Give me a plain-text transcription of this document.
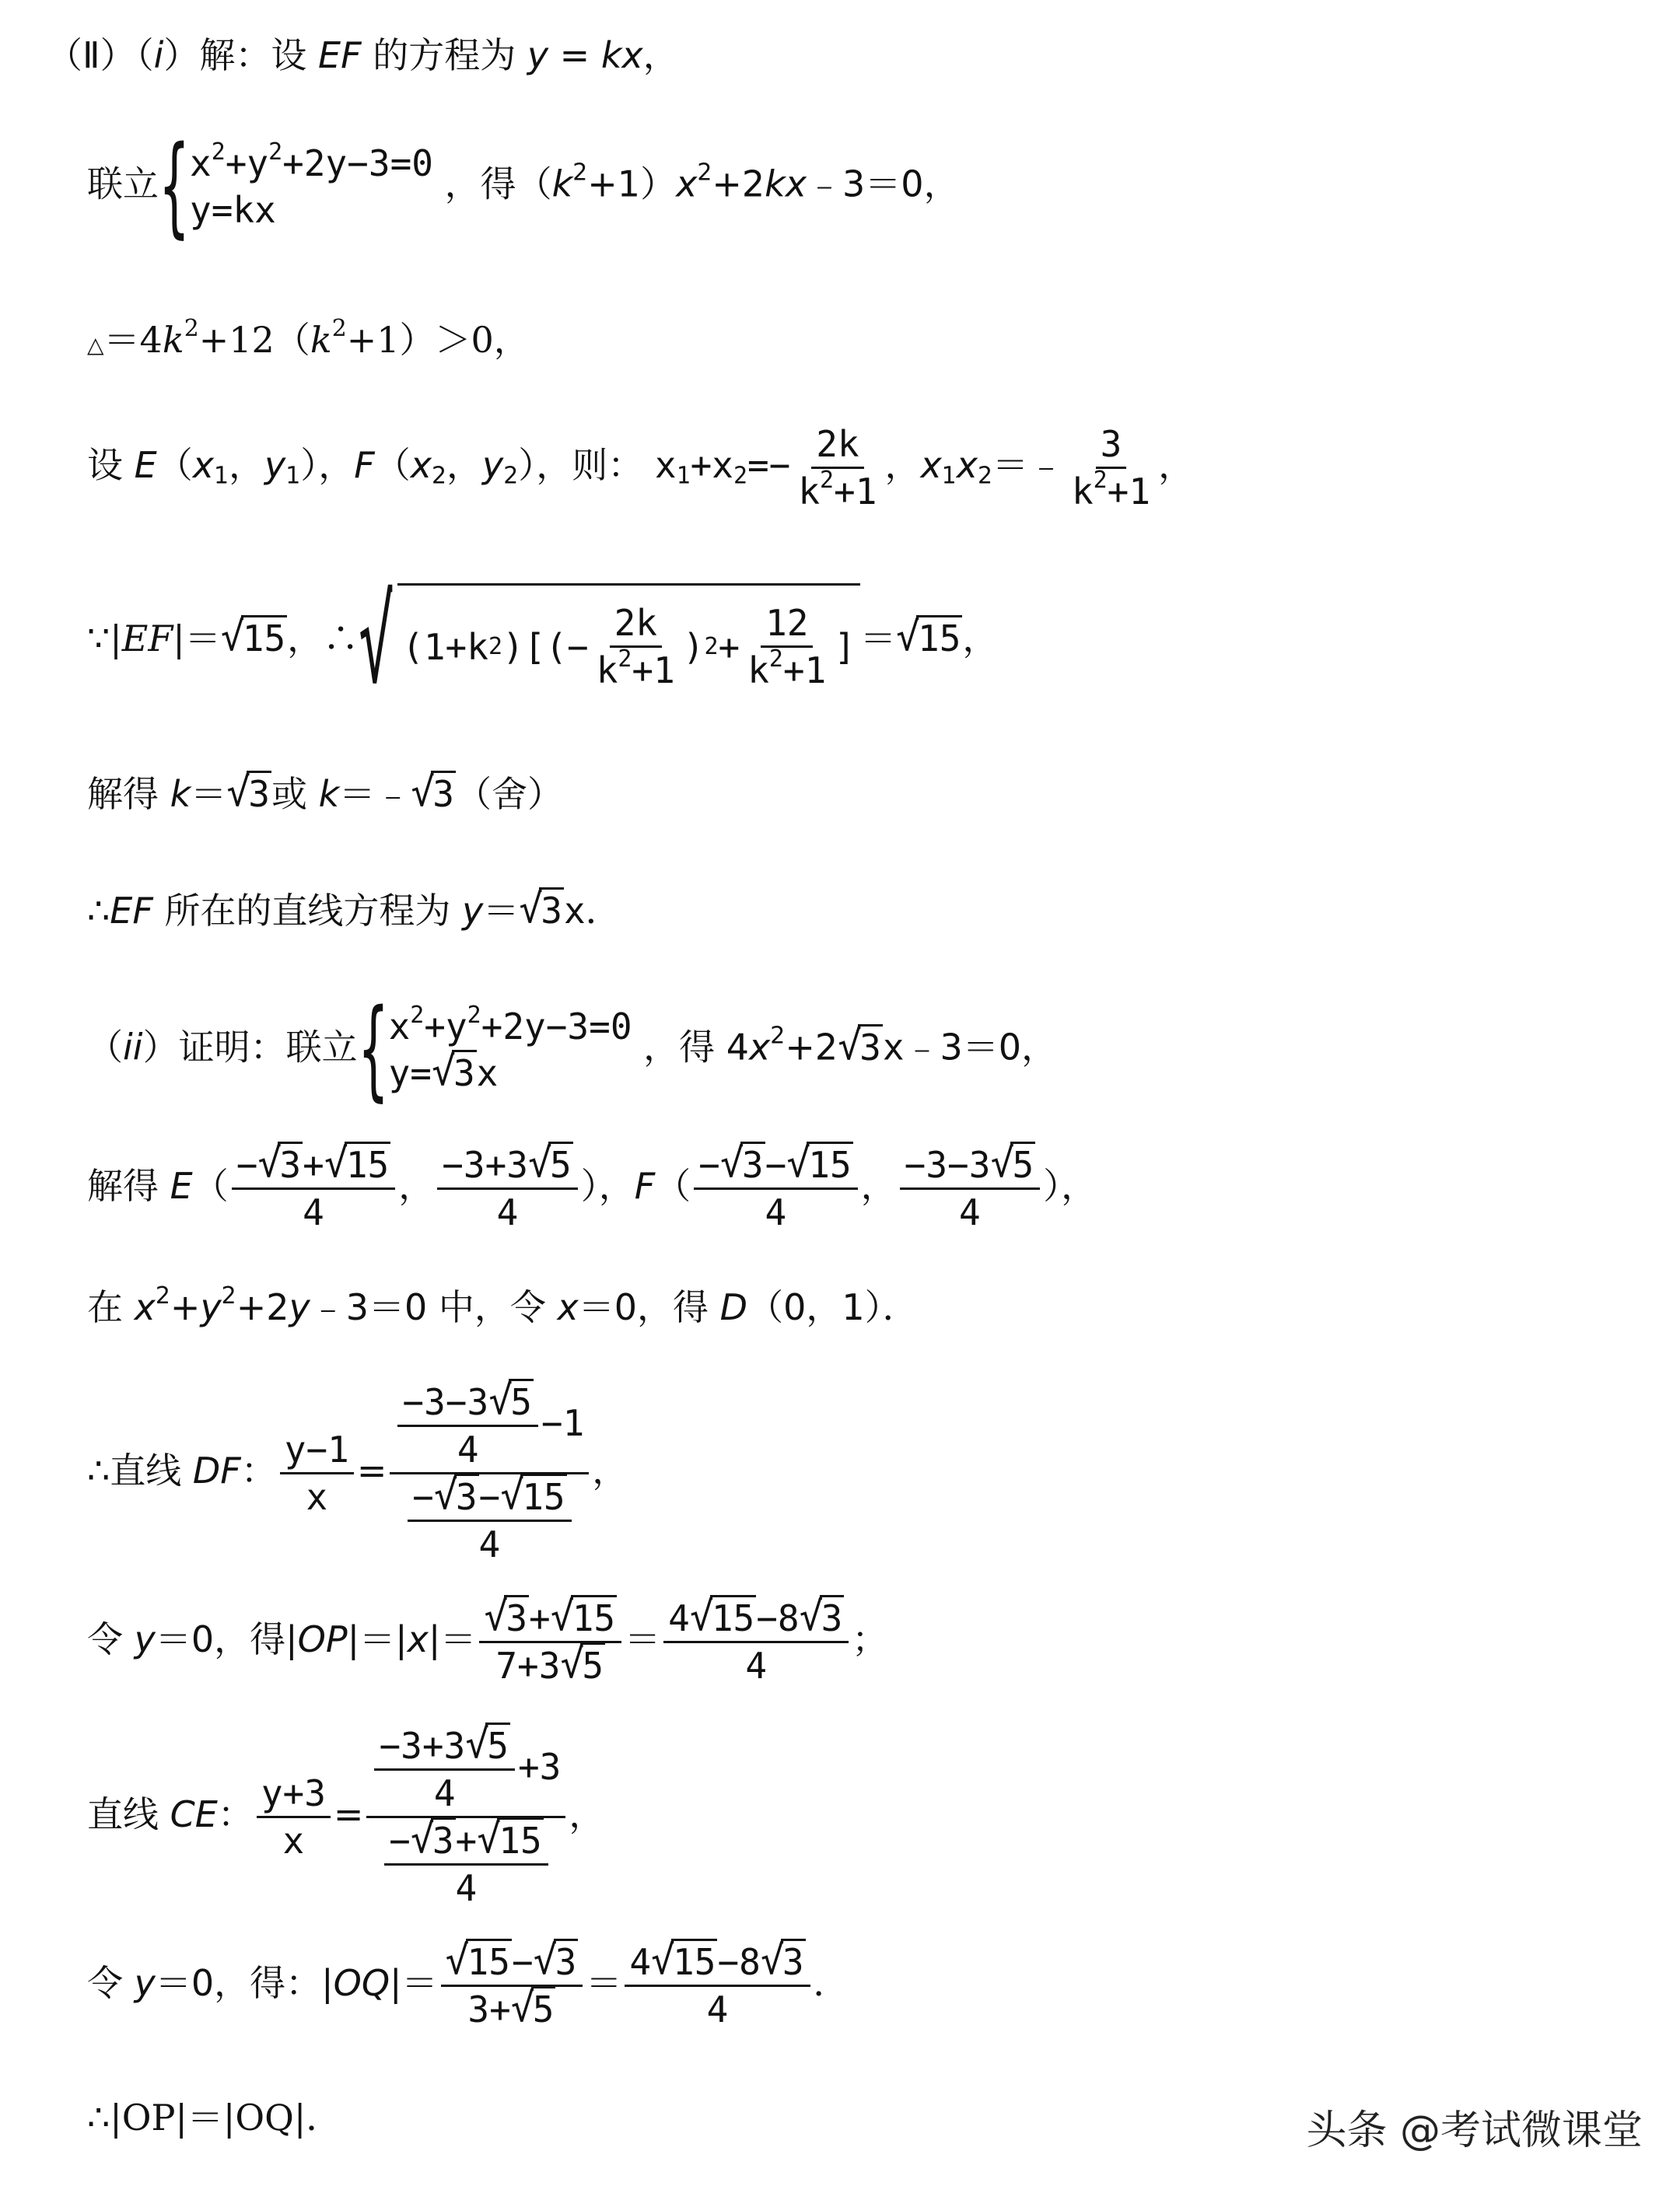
（Ⅱ）（i）解：设 EF 的方程为 y = kx，
联立{ $x^2+y^2+2y-3=0$
y=kx
，得$(k^2+1)x^2+2kx﹣3=0$，
$\triangle=4k^2+12(k^2+1)>0$，
设 $E(x_1$，$y_1$），$F(x_2$，$y_2$），则： $x_1+x_2=- \frac{2k}{k^2+1}$ ，$x_1x_2=﹣ \frac{3}{k^2+1}$ ，
∵|EF|＝√ 15，∴ √ (1+k 2 )[(− $\frac{2k}{k^2+1}$ ) $2 + \frac{12}{k^2+1}$ ] ＝√ 15，
解得 k＝√ 3或 k＝﹣√ 3（舍）
∴EF 所在的直线方程为 y＝√ 3x．
（ii）证明：联立{ $x^2+y^2+2y-3=0$
y=√ 3x
，得 $4x^2+2√$ 3x﹣3＝0，
解得 $E( \frac{-√ 3+√ 15}{4}$ ， $\frac{-3+3√ 5}{4}$ ），$F( \frac{-√ 3-√ 15}{4}$ ， $\frac{-3-3√ 5}{4}$ ），
在 $x^2+y^2+2y﹣3=0$ 中，令 x＝0，得 D（0，1）．
∴直线 DF： $\frac{y-1}{x} = \frac{\frac{-3-3√ 5}{4} -1}{\frac{-√ 3-√ 15}{4}}$ ，
令 y＝0，得|OP|＝|x|＝
√ $\frac{3+√ 15}{7+3√ 5} = \frac{4√ 15-8√ 3}{4}$ ；
直线 CE： $\frac{y+3}{x} = \frac{\frac{-3+3√ 5}{4} +3}{\frac{-√ 3+√ 15}{4}}$ ，
令 y＝0，得：|OQ|＝
√ $\frac{15-√ 3}{3+√ 5} = \frac{4√ 15-8√ 3}{4}$ ．
∴|OP|＝|OQ|．	头条 @考试微课堂
